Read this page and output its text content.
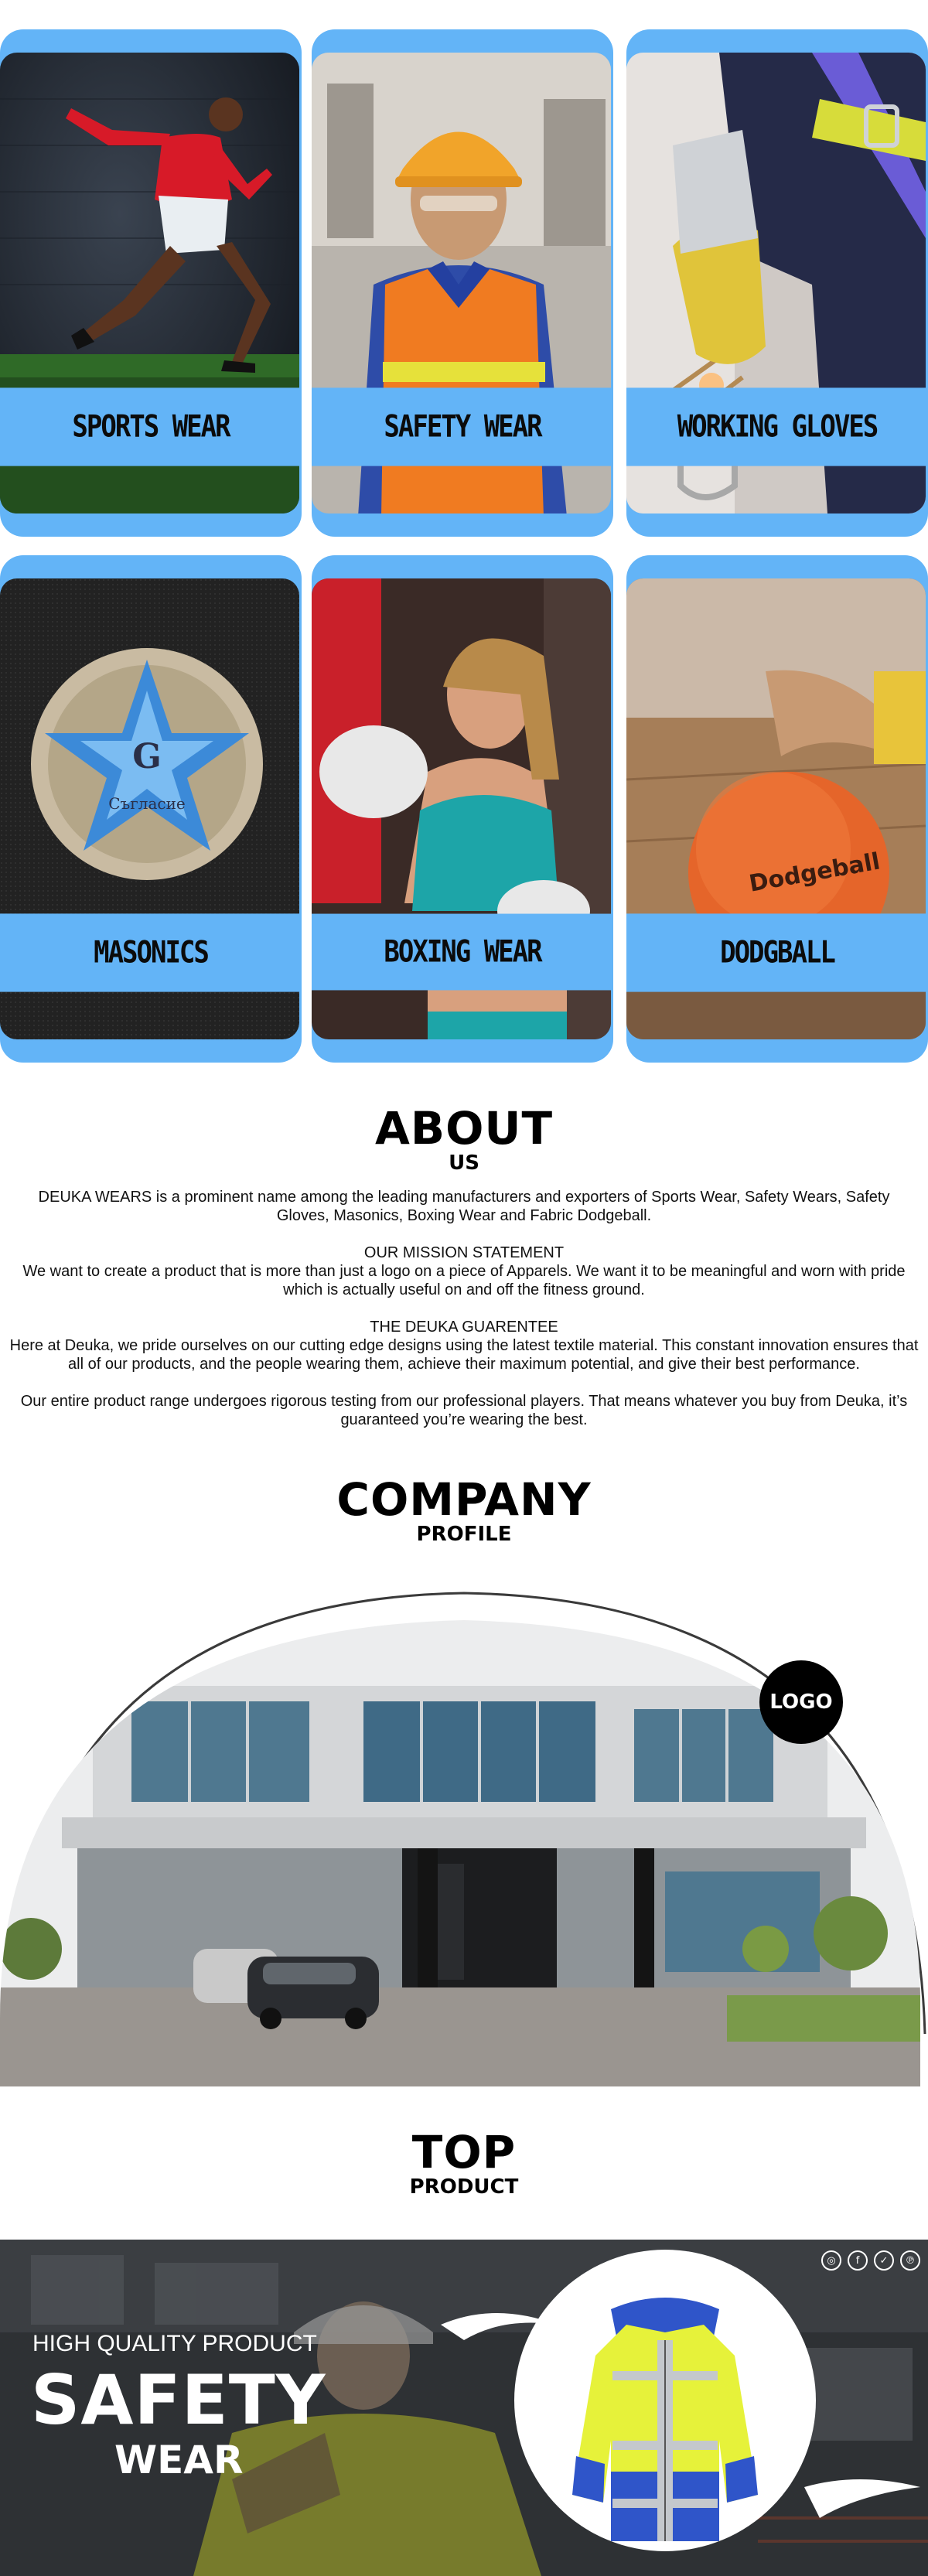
SPORTS WEAR	SAFETY WEAR	WORKING GLOVES
G
Съгласие
MASONICS	BOXING WEAR
Dodgeball
DODGBALL
ABOUT
US

DEUKA WEARS is a prominent name among the leading manufacturers and exporters of Sports Wear, Safety Wears, Safety Gloves, Masonics, Boxing Wear and Fabric Dodgeball.

OUR MISSION STATEMENT
We want to create a product that is more than just a logo on a piece of Apparels. We want it to be meaningful and worn with pride which is actually useful on and off the fitness ground.

THE DEUKA GUARENTEE
Here at Deuka, we pride ourselves on our cutting edge designs using the latest textile material. This constant innovation ensures that all of our products, and the people wearing them, achieve their maximum potential, and give their best performance.

Our entire product range undergoes rigorous testing from our professional players. That means whatever you buy from Deuka, it’s guaranteed you’re wearing the best.

COMPANY
PROFILE
LOGO
TOP
PRODUCT
◎	f	✓	℗
HIGH QUALITY PRODUCT
SAFETY
WEAR
